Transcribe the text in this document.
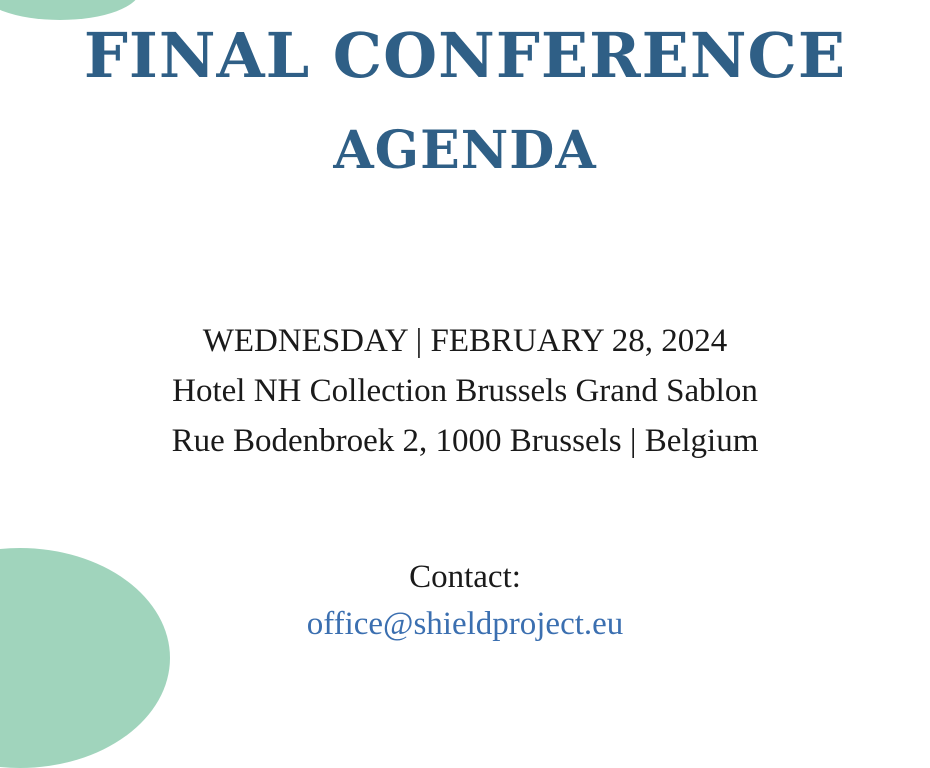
FINAL CONFERENCE
AGENDA
WEDNESDAY | FEBRUARY 28, 2024
Hotel NH Collection Brussels Grand Sablon
Rue Bodenbroek 2, 1000 Brussels | Belgium
Contact:
office@shieldproject.eu
